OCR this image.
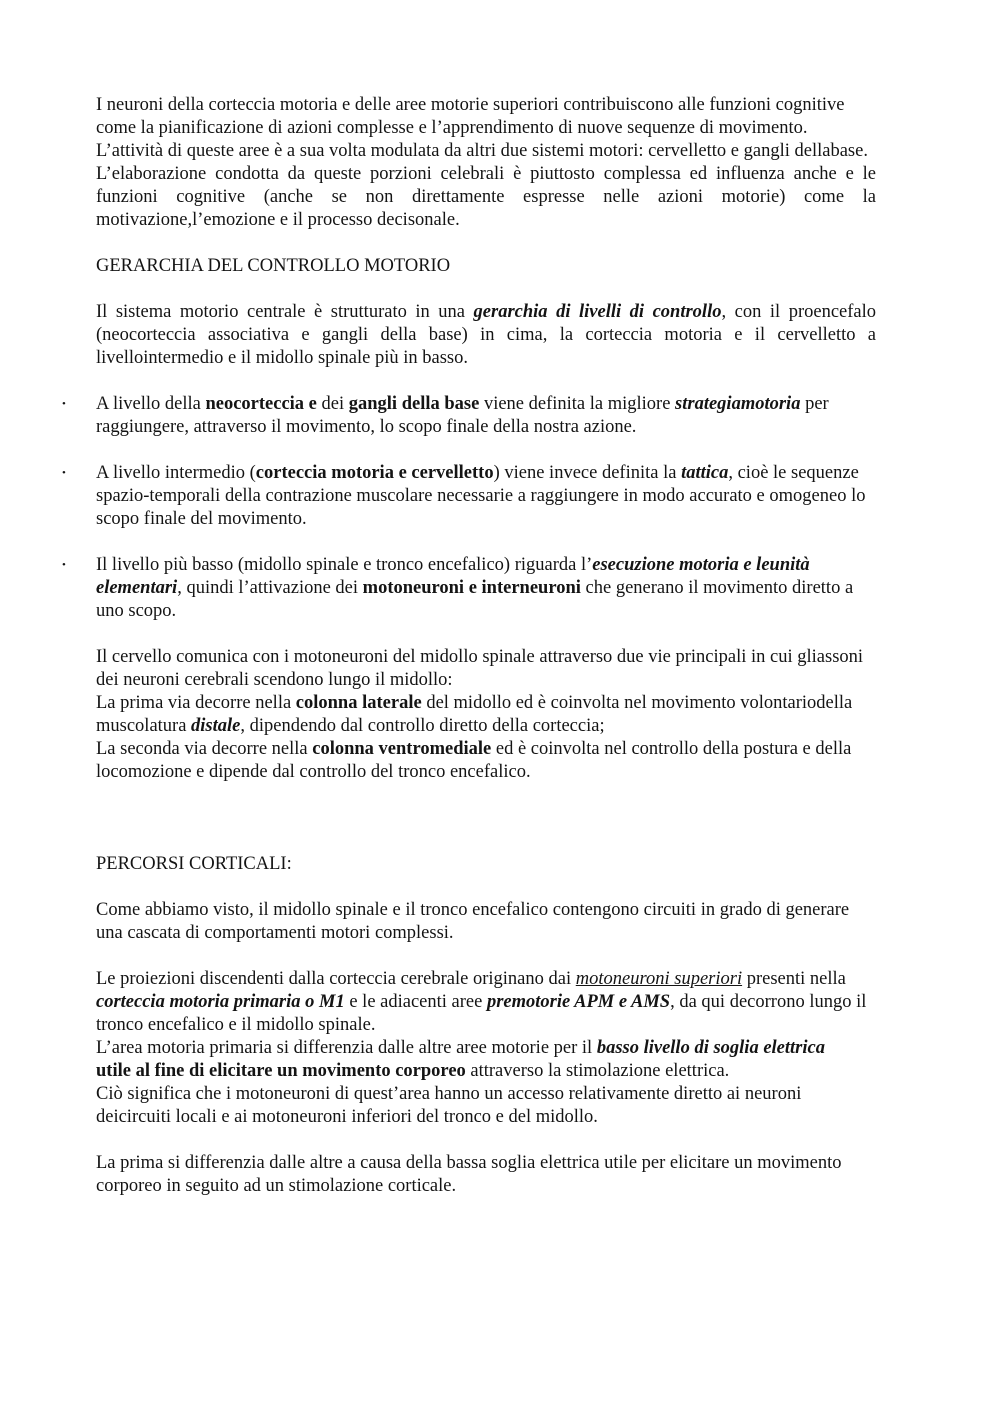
I neuroni della corteccia motoria e delle aree motorie superiori contribuiscono alle funzioni cognitive come la pianificazione di azioni complesse e l’apprendimento di nuove sequenze di movimento.

L’attività di queste aree è a sua volta modulata da altri due sistemi motori: cervelletto e gangli dellabase.

L’elaborazione condotta da queste porzioni celebrali è piuttosto complessa ed influenza anche e le funzioni cognitive (anche se non direttamente espresse nelle azioni motorie) come la motivazione,l’emozione e il processo decisonale.

GERARCHIA DEL CONTROLLO MOTORIO

Il sistema motorio centrale è strutturato in una gerarchia di livelli di controllo, con il proencefalo (neocorteccia associativa e gangli della base) in cima, la corteccia motoria e il cervelletto a livellointermedio e il midollo spinale più in basso.

• A livello della neocorteccia e dei gangli della base viene definita la migliore strategiamotoria per raggiungere, attraverso il movimento, lo scopo finale della nostra azione.

• A livello intermedio (corteccia motoria e cervelletto) viene invece definita la tattica, cioè le sequenze spazio-temporali della contrazione muscolare necessarie a raggiungere in modo accurato e omogeneo lo scopo finale del movimento.

• Il livello più basso (midollo spinale e tronco encefalico) riguarda l’esecuzione motoria e leunità elementari, quindi l’attivazione dei motoneuroni e interneuroni che generano il movimento diretto a uno scopo.

Il cervello comunica con i motoneuroni del midollo spinale attraverso due vie principali in cui gliassoni dei neuroni cerebrali scendono lungo il midollo:

La prima via decorre nella colonna laterale del midollo ed è coinvolta nel movimento volontariodella muscolatura distale, dipendendo dal controllo diretto della corteccia;

La seconda via decorre nella colonna ventromediale ed è coinvolta nel controllo della postura e della locomozione e dipende dal controllo del tronco encefalico.

PERCORSI CORTICALI:

Come abbiamo visto, il midollo spinale e il tronco encefalico contengono circuiti in grado di generare una cascata di comportamenti motori complessi.

Le proiezioni discendenti dalla corteccia cerebrale originano dai motoneuroni superiori presenti nella corteccia motoria primaria o M1 e le adiacenti aree premotorie APM e AMS, da qui decorrono lungo il tronco encefalico e il midollo spinale.

L’area motoria primaria si differenzia dalle altre aree motorie per il basso livello di soglia elettrica
utile al fine di elicitare un movimento corporeo attraverso la stimolazione elettrica.

Ciò significa che i motoneuroni di quest’area hanno un accesso relativamente diretto ai neuroni deicircuiti locali e ai motoneuroni inferiori del tronco e del midollo.

La prima si differenzia dalle altre a causa della bassa soglia elettrica utile per elicitare un movimento corporeo in seguito ad un stimolazione corticale.
